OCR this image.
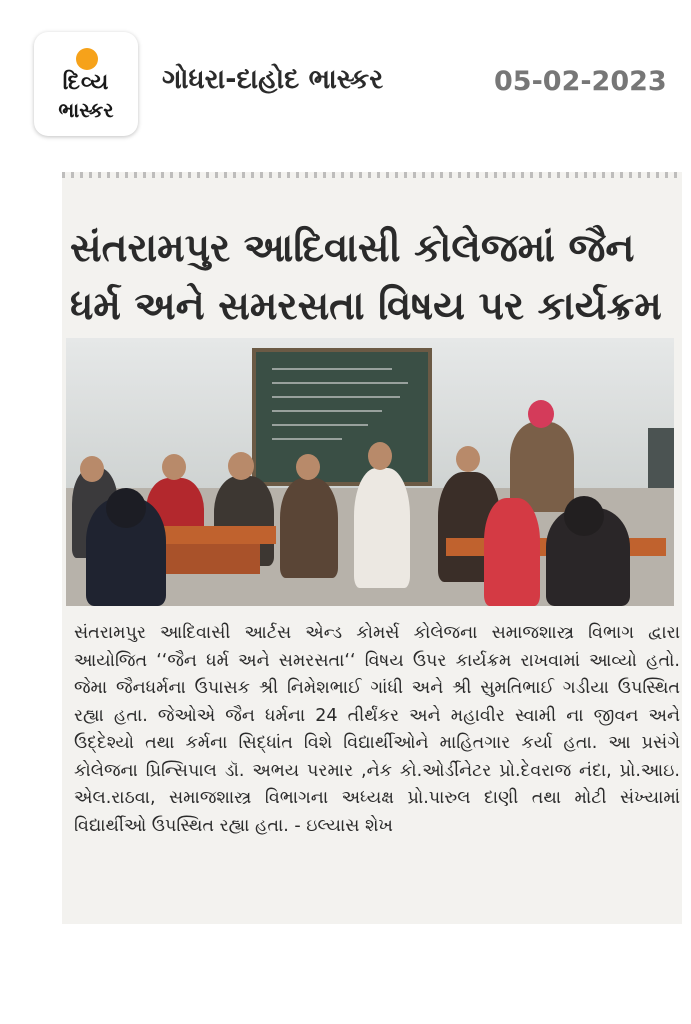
દિવ્ય
ભાસ્કર
ગોધરા-દાહોદ ભાસ્કર	05-02-2023
સંતરામપુર આદિવાસી કોલેજમાં જૈન ધર્મ અને સમરસતા વિષય પર કાર્યક્રમ
સંતરામપુર આદિવાસી આર્ટસ એન્ડ કોમર્સ કોલેજના સમાજશાસ્ત્ર વિભાગ દ્વારા આયોજિત ‘‘જૈન ધર્મ અને સમરસતા‘‘ વિષય ઉપર કાર્યક્રમ રાખવામાં આવ્યો હતો. જેમા જૈનધર્મના ઉપાસક શ્રી નિમેશભાઈ ગાંધી અને શ્રી સુમતિભાઈ ગડીયા ઉપસ્થિત રહ્યા હતા. જેઓએ જૈન ધર્મના 24 તીર્થંકર અને મહાવીર સ્વામી ના જીવન અને ઉદ્દેશ્યો તથા કર્મના સિદ્ધાંત વિશે વિદ્યાર્થીઓને માહિતગાર કર્યા હતા. આ પ્રસંગે કોલેજના પ્રિન્સિપાલ ડૉ. અભય પરમાર ,નેક કો.ઓર્ડીનેટર પ્રો.દેવરાજ નંદા, પ્રો.આઇ. એલ.રાઠવા, સમાજશાસ્ત્ર વિભાગના અધ્યક્ષ પ્રો.પારુલ દાણી તથા મોટી સંખ્યામાં વિદ્યાર્થીઓ ઉપસ્થિત રહ્યા હતા. - ઇલ્યાસ શેખ
